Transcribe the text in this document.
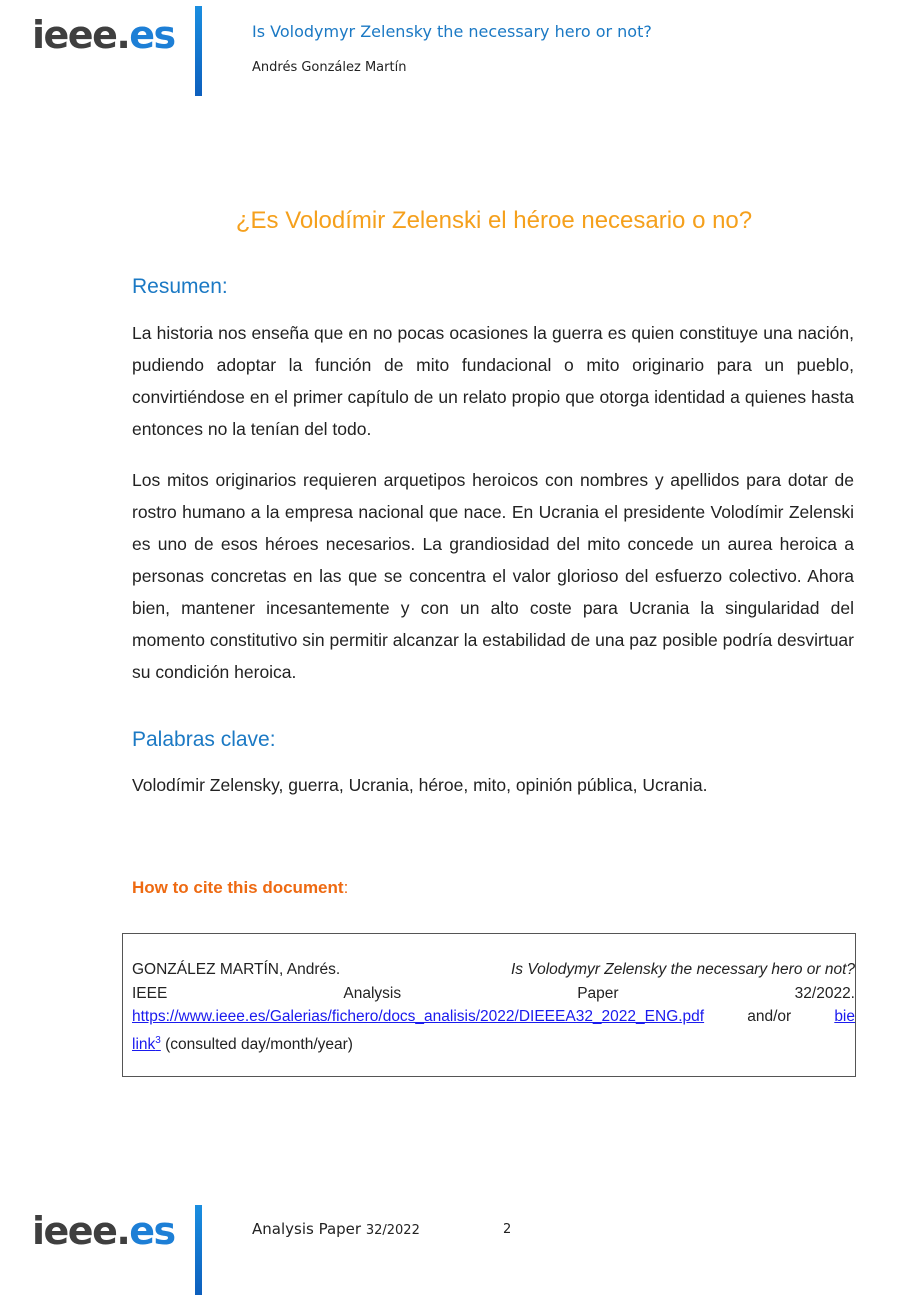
ieee.es	Is Volodymyr Zelensky the necessary hero or not?
Andrés González Martín
¿Es Volodímir Zelenski el héroe necesario o no?
Resumen:

La historia nos enseña que en no pocas ocasiones la guerra es quien constituye una nación, pudiendo adoptar la función de mito fundacional o mito originario para un pueblo, convirtiéndose en el primer capítulo de un relato propio que otorga identidad a quienes hasta entonces no la tenían del todo.

Los mitos originarios requieren arquetipos heroicos con nombres y apellidos para dotar de rostro humano a la empresa nacional que nace. En Ucrania el presidente Volodímir Zelenski es uno de esos héroes necesarios. La grandiosidad del mito concede un aurea heroica a personas concretas en las que se concentra el valor glorioso del esfuerzo colectivo. Ahora bien, mantener incesantemente y con un alto coste para Ucrania la singularidad del momento constitutivo sin permitir alcanzar la estabilidad de una paz posible podría desvirtuar su condición heroica.

Palabras clave:

Volodímir Zelensky, guerra, Ucrania, héroe, mito, opinión pública, Ucrania.

How to cite this document:
GONZÁLEZ MARTÍN, Andrés.	Is Volodymyr Zelensky the necessary hero or not?
IEEE	Analysis	Paper	32/2022.
https://www.ieee.es/Galerias/fichero/docs_analisis/2022/DIEEEA32_2022_ENG.pdf	and/or	bie
link$^3$ (consulted day/month/year)
ieee.es	Analysis Paper 32/2022	2
